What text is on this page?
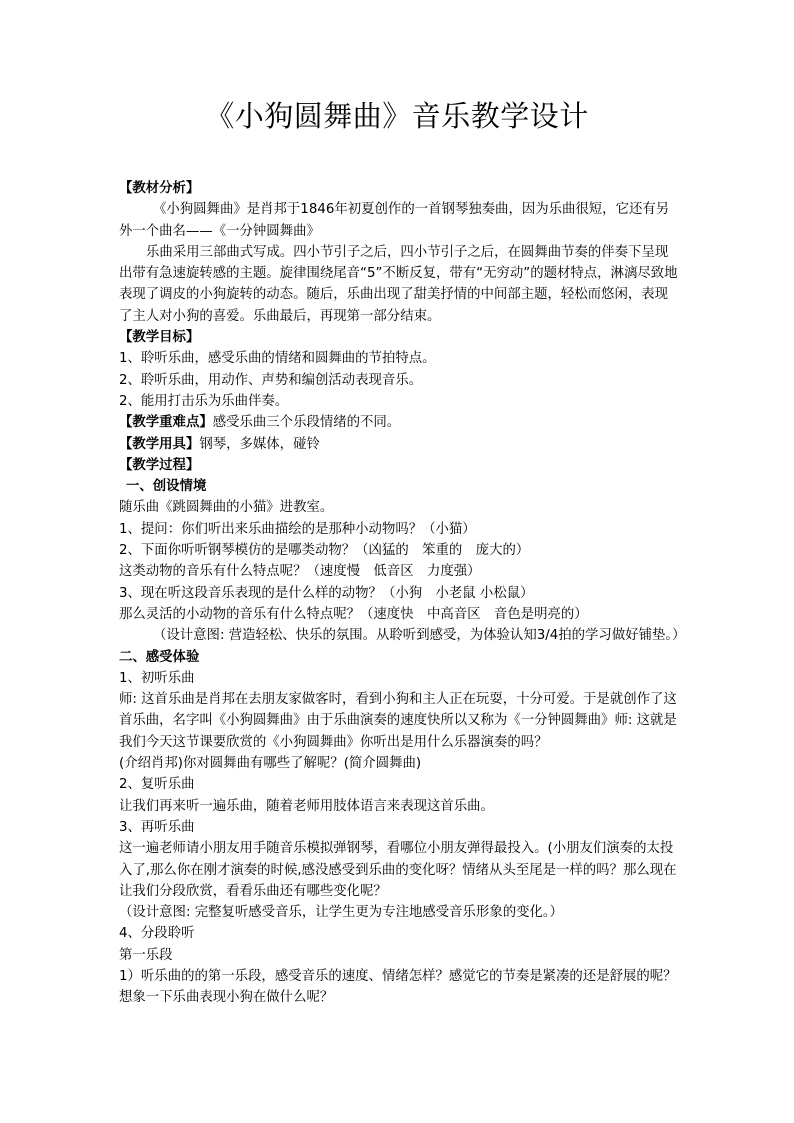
《小狗圆舞曲》音乐教学设计

【教材分析】

《小狗圆舞曲》是肖邦于1846年初夏创作的一首钢琴独奏曲，因为乐曲很短，它还有另外一个曲名——《一分钟圆舞曲》

乐曲采用三部曲式写成。四小节引子之后，四小节引子之后，在圆舞曲节奏的伴奏下呈现出带有急速旋转感的主题。旋律围绕尾音“5”不断反复，带有“无穷动”的题材特点，淋漓尽致地表现了调皮的小狗旋转的动态。随后，乐曲出现了甜美抒情的中间部主题，轻松而悠闲，表现了主人对小狗的喜爱。乐曲最后，再现第一部分结束。

【教学目标】

1、聆听乐曲，感受乐曲的情绪和圆舞曲的节拍特点。

2、聆听乐曲，用动作、声势和编创活动表现音乐。

2、能用打击乐为乐曲伴奏。

【教学重难点】感受乐曲三个乐段情绪的不同。

【教学用具】钢琴，多媒体，碰铃

【教学过程】

一、创设情境

随乐曲《跳圆舞曲的小猫》进教室。

1、提问：你们听出来乐曲描绘的是那种小动物吗？（小猫）

2、下面你听听钢琴模仿的是哪类动物？（凶猛的　笨重的　庞大的）

这类动物的音乐有什么特点呢？（速度慢　低音区　力度强）

3、现在听这段音乐表现的是什么样的动物？（小狗　小老鼠 小松鼠）

那么灵活的小动物的音乐有什么特点呢？（速度快　中高音区　音色是明亮的）

（设计意图: 营造轻松、快乐的氛围。从聆听到感受，为体验认知3/4拍的学习做好铺垫。）

二、感受体验

1、初听乐曲

师: 这首乐曲是肖邦在去朋友家做客时，看到小狗和主人正在玩耍，十分可爱。于是就创作了这首乐曲，名字叫《小狗圆舞曲》由于乐曲演奏的速度快所以又称为《一分钟圆舞曲》师: 这就是我们今天这节课要欣赏的《小狗圆舞曲》你听出是用什么乐器演奏的吗？

(介绍肖邦)你对圆舞曲有哪些了解呢？(简介圆舞曲)

2、复听乐曲

让我们再来听一遍乐曲，随着老师用肢体语言来表现这首乐曲。

3、再听乐曲

这一遍老师请小朋友用手随音乐模拟弹钢琴，看哪位小朋友弹得最投入。(小朋友们演奏的太投入了,那么你在刚才演奏的时候,感没感受到乐曲的变化呀？情绪从头至尾是一样的吗？那么现在让我们分段欣赏，看看乐曲还有哪些变化呢？

（设计意图: 完整复听感受音乐，让学生更为专注地感受音乐形象的变化。）

4、分段聆听

第一乐段

1）听乐曲的的第一乐段，感受音乐的速度、情绪怎样？感觉它的节奏是紧凑的还是舒展的呢？想象一下乐曲表现小狗在做什么呢？
